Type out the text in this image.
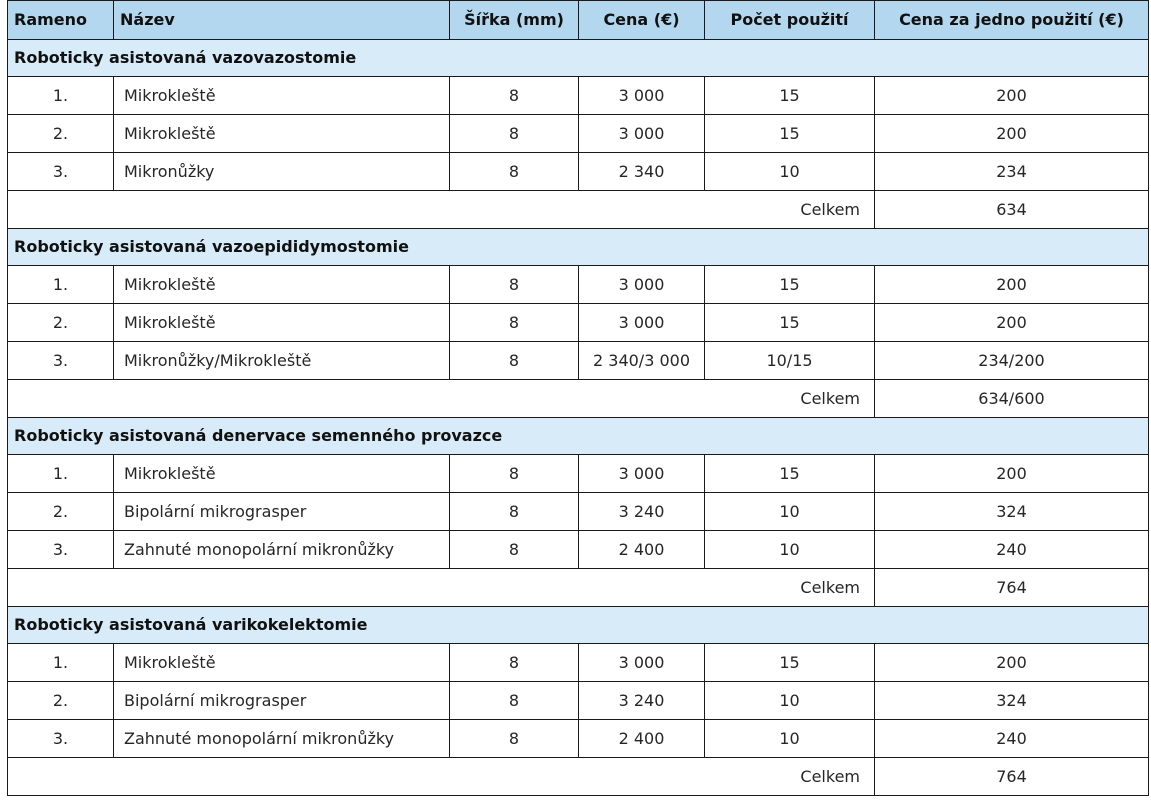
Rameno	Název	Šířka (mm)	Cena (€)	Počet použití	Cena za jedno použití (€)
Roboticky asistovaná vazovazostomie					
1.	Mikrokleště	8	3 000	15	200
2.	Mikrokleště	8	3 000	15	200
3.	Mikronůžky	8	2 340	10	234
Celkem					634
Roboticky asistovaná vazoepididymostomie					
1.	Mikrokleště	8	3 000	15	200
2.	Mikrokleště	8	3 000	15	200
3.	Mikronůžky/Mikrokleště	8	2 340/3 000	10/15	234/200
Celkem					634/600
Roboticky asistovaná denervace semenného provazce					
1.	Mikrokleště	8	3 000	15	200
2.	Bipolární mikrograsper	8	3 240	10	324
3.	Zahnuté monopolární mikronůžky	8	2 400	10	240
Celkem					764
Roboticky asistovaná varikokelektomie					
1.	Mikrokleště	8	3 000	15	200
2.	Bipolární mikrograsper	8	3 240	10	324
3.	Zahnuté monopolární mikronůžky	8	2 400	10	240
Celkem					764
